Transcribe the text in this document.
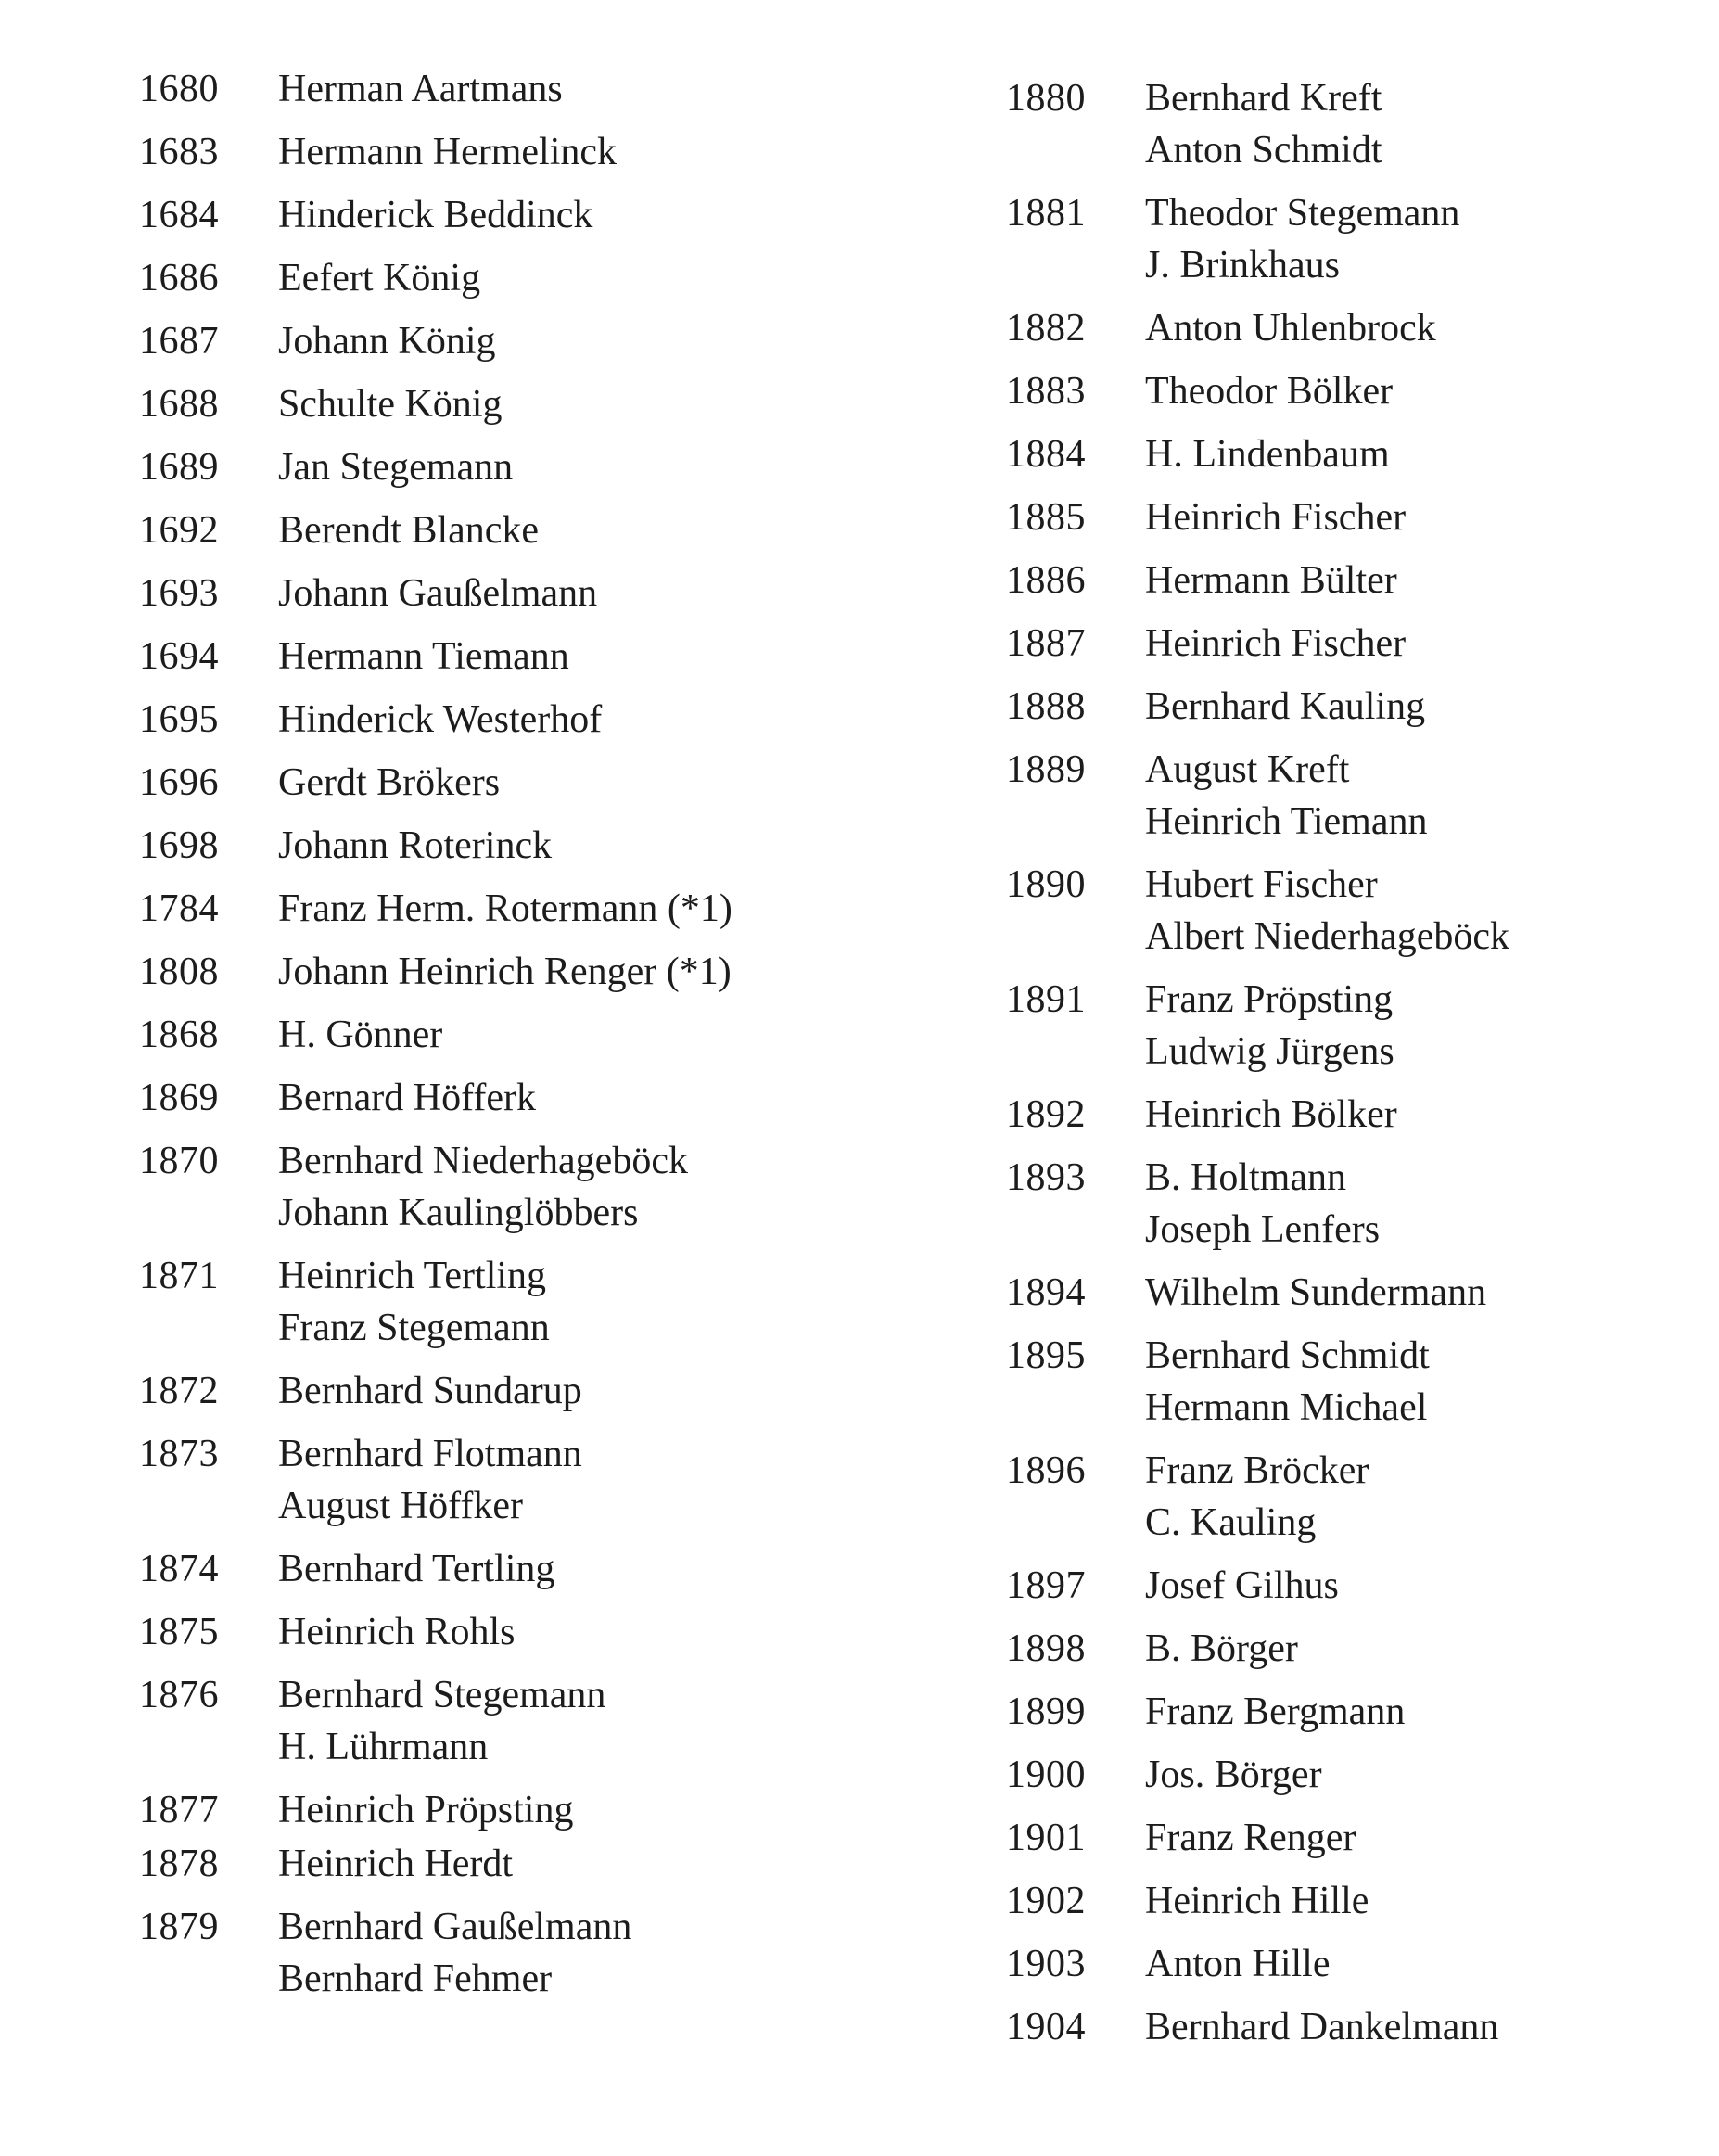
1680	Herman Aartmans
1683	Hermann Hermelinck
1684	Hinderick Beddinck
1686	Eefert König
1687	Johann König
1688	Schulte König
1689	Jan Stegemann
1692	Berendt Blancke
1693	Johann Gaußelmann
1694	Hermann Tiemann
1695	Hinderick Westerhof
1696	Gerdt Brökers
1698	Johann Roterinck
1784	Franz Herm. Rotermann (*1)
1808	Johann Heinrich Renger (*1)
1868	H. Gönner
1869	Bernard Höfferk
1870	Bernhard Niederhageböck
Johann Kaulinglöbbers
1871	Heinrich Tertling
Franz Stegemann
1872	Bernhard Sundarup
1873	Bernhard Flotmann
August Höffker
1874	Bernhard Tertling
1875	Heinrich Rohls
1876	Bernhard Stegemann
H. Lührmann
1877	Heinrich Pröpsting
1878	Heinrich Herdt
1879	Bernhard Gaußelmann
Bernhard Fehmer
1880	Bernhard Kreft
Anton Schmidt
1881	Theodor Stegemann
J. Brinkhaus
1882	Anton Uhlenbrock
1883	Theodor Bölker
1884	H. Lindenbaum
1885	Heinrich Fischer
1886	Hermann Bülter
1887	Heinrich Fischer
1888	Bernhard Kauling
1889	August Kreft
Heinrich Tiemann
1890	Hubert Fischer
Albert Niederhageböck
1891	Franz Pröpsting
Ludwig Jürgens
1892	Heinrich Bölker
1893	B. Holtmann
Joseph Lenfers
1894	Wilhelm Sundermann
1895	Bernhard Schmidt
Hermann Michael
1896	Franz Bröcker
C. Kauling
1897	Josef Gilhus
1898	B. Börger
1899	Franz Bergmann
1900	Jos. Börger
1901	Franz Renger
1902	Heinrich Hille
1903	Anton Hille
1904	Bernhard Dankelmann
